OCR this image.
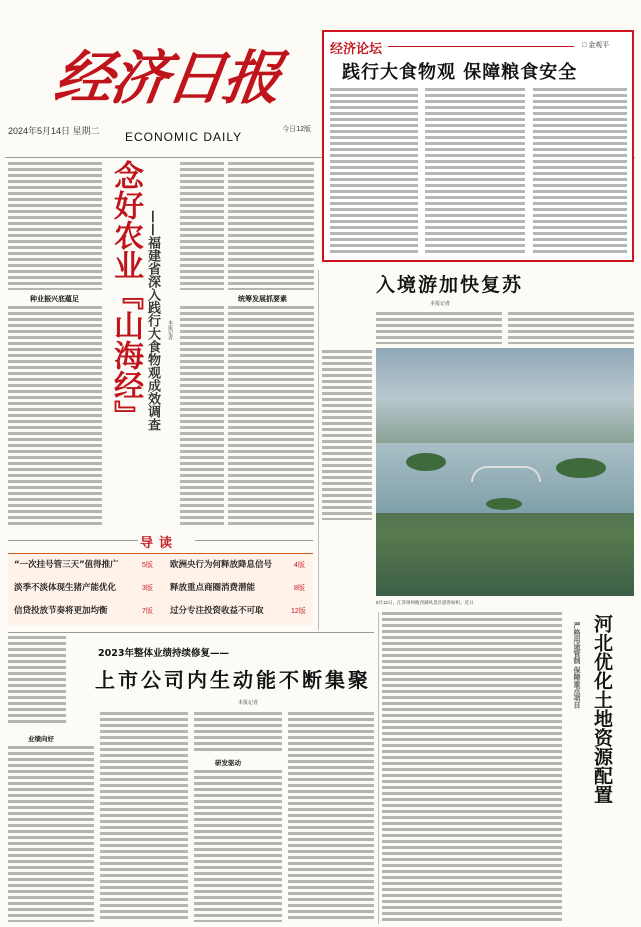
经济日报
2024年5月14日 星期二 ECONOMIC DAILY
今日12版
经济论坛	□ 金观平
践行大食物观 保障粮食安全
种业振兴底蕴足 念好农业『山海经』 ——福建省深入践行大食物观成效调查	本报记者
统筹发展抓要素
入境游加快复苏
本报记者
5月12日，江苏扬州瘦西湖风景区游客如织。近日
导读
“一次挂号管三天”值得推广	5版 欧洲央行为何释放降息信号	4版
淡季不淡体现生猪产能优化	3版 释放重点商圈消费潜能	8版
信贷投放节奏将更加均衡	7版 过分专注投资收益不可取	12版
2023年整体业绩持续修复——
上市公司内生动能不断集聚
本报记者
业绩向好
研发驱动
严格用途管制 保障重点项目 河北优化土地资源配置
